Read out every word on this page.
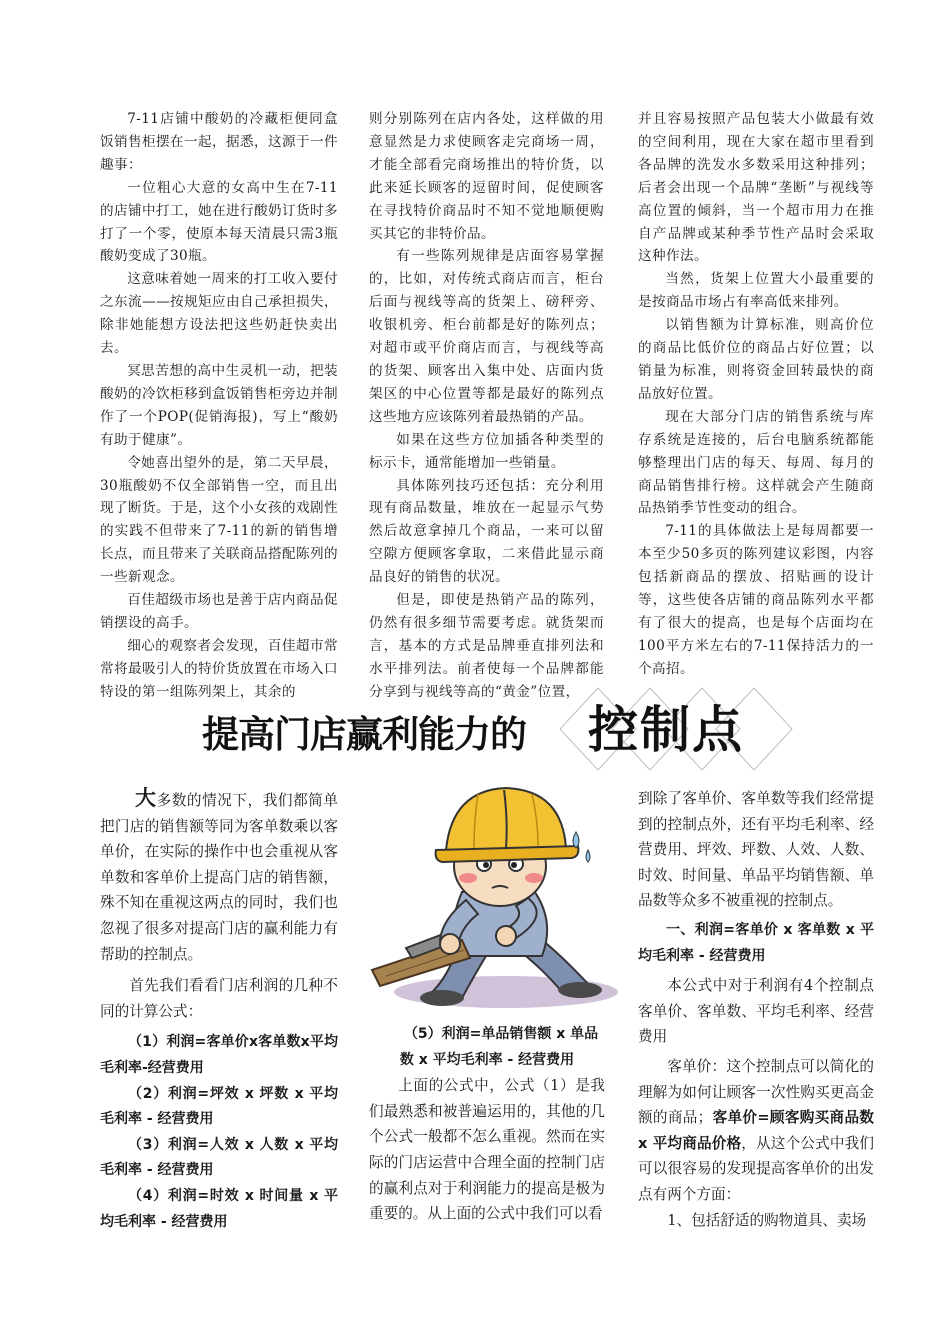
7-11店铺中酸奶的冷藏柜便同盒饭销售柜摆在一起，据悉，这源于一件趣事：

一位粗心大意的女高中生在7-11的店铺中打工，她在进行酸奶订货时多打了一个零，使原本每天清晨只需3瓶酸奶变成了30瓶。

这意味着她一周来的打工收入要付之东流——按规矩应由自己承担损失，除非她能想方设法把这些奶赶快卖出去。

冥思苦想的高中生灵机一动，把装酸奶的冷饮柜移到盒饭销售柜旁边并制作了一个POP(促销海报)，写上“酸奶有助于健康”。

令她喜出望外的是，第二天早晨，30瓶酸奶不仅全部销售一空，而且出现了断货。于是，这个小女孩的戏剧性的实践不但带来了7-11的新的销售增长点，而且带来了关联商品搭配陈列的一些新观念。

百佳超级市场也是善于店内商品促销摆设的高手。

细心的观察者会发现，百佳超市常常将最吸引人的特价货放置在市场入口特设的第一组陈列架上，其余的

则分别陈列在店内各处，这样做的用意显然是力求使顾客走完商场一周，才能全部看完商场推出的特价货，以此来延长顾客的逗留时间，促使顾客在寻找特价商品时不知不觉地顺便购买其它的非特价品。

有一些陈列规律是店面容易掌握的，比如，对传统式商店而言，柜台后面与视线等高的货架上、磅秤旁、收银机旁、柜台前都是好的陈列点；对超市或平价商店而言，与视线等高的货架、顾客出入集中处、店面内货架区的中心位置等都是最好的陈列点这些地方应该陈列着最热销的产品。

如果在这些方位加插各种类型的标示卡，通常能增加一些销量。

具体陈列技巧还包括：充分利用现有商品数量，堆放在一起显示气势然后故意拿掉几个商品，一来可以留空隙方便顾客拿取，二来借此显示商品良好的销售的状况。

但是，即使是热销产品的陈列，仍然有很多细节需要考虑。就货架而言，基本的方式是品牌垂直排列法和水平排列法。前者使每一个品牌都能分享到与视线等高的“黄金”位置，

并且容易按照产品包装大小做最有效的空间利用，现在大家在超市里看到各品牌的洗发水多数采用这种排列；后者会出现一个品牌“垄断”与视线等高位置的倾斜，当一个超市用力在推自产品牌或某种季节性产品时会采取这种作法。

当然，货架上位置大小最重要的是按商品市场占有率高低来排列。

以销售额为计算标准，则高价位的商品比低价位的商品占好位置；以销量为标准，则将资金回转最快的商品放好位置。

现在大部分门店的销售系统与库存系统是连接的，后台电脑系统都能够整理出门店的每天、每周、每月的商品销售排行榜。这样就会产生随商品热销季节性变动的组合。

7-11的具体做法上是每周都要一本至少50多页的陈列建议彩图，内容包括新商品的摆放、招贴画的设计等，这些使各店铺的商品陈列水平都有了很大的提高，也是每个店面均在100平方米左右的7-11保持活力的一个高招。

提高门店赢利能力的 控制点

大多数的情况下，我们都简单把门店的销售额等同为客单数乘以客单价，在实际的操作中也会重视从客单数和客单价上提高门店的销售额，殊不知在重视这两点的同时，我们也忽视了很多对提高门店的赢利能力有帮助的控制点。

首先我们看看门店利润的几种不同的计算公式：

（1）利润=客单价x客单数x平均毛利率-经营费用

（2）利润=坪效 x 坪数 x 平均毛利率 - 经营费用

（3）利润=人效 x 人数 x 平均毛利率 - 经营费用

（4）利润=时效 x 时间量 x 平均毛利率 - 经营费用

（5）利润=单品销售额 x 单品数 x 平均毛利率 - 经营费用

上面的公式中，公式（1）是我们最熟悉和被普遍运用的，其他的几个公式一般都不怎么重视。然而在实际的门店运营中合理全面的控制门店的赢利点对于利润能力的提高是极为重要的。从上面的公式中我们可以看

到除了客单价、客单数等我们经常提到的控制点外，还有平均毛利率、经营费用、坪效、坪数、人效、人数、时效、时间量、单品平均销售额、单品数等众多不被重视的控制点。

一、利润=客单价 x 客单数 x 平均毛利率 - 经营费用

本公式中对于利润有4个控制点客单价、客单数、平均毛利率、经营费用

客单价：这个控制点可以简化的理解为如何让顾客一次性购买更高金额的商品；客单价=顾客购买商品数 x 平均商品价格，从这个公式中我们可以很容易的发现提高客单价的出发点有两个方面：

1、包括舒适的购物道具、卖场
